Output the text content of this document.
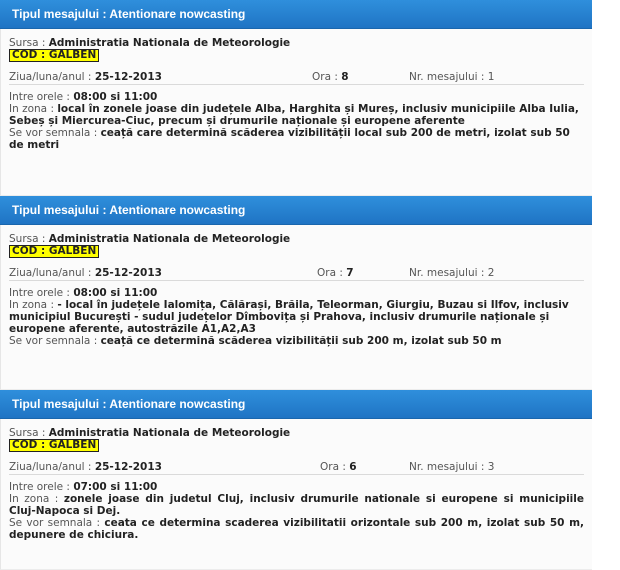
Tipul mesajului : Atentionare nowcasting
Sursa : Administratia Nationala de Meteorologie
COD : GALBEN
Ziua/luna/anul : 25-12-2013	Ora : 8	Nr. mesajului : 1
Intre orele : 08:00 si 11:00
In zona : local în zonele joase din județele Alba, Harghita și Mureș, inclusiv municipiile Alba Iulia, Sebeș și Miercurea-Ciuc, precum și drumurile naționale și europene aferente
Se vor semnala : ceață care determină scăderea vizibilității local sub 200 de metri, izolat sub 50 de metri
Tipul mesajului : Atentionare nowcasting
Sursa : Administratia Nationala de Meteorologie
COD : GALBEN
Ziua/luna/anul : 25-12-2013	Ora : 7	Nr. mesajului : 2
Intre orele : 08:00 si 11:00
In zona : - local în județele Ialomița, Călărași, Brăila, Teleorman, Giurgiu, Buzau si Ilfov, inclusiv municipiul București - sudul județelor Dîmbovița și Prahova, inclusiv drumurile naționale și europene aferente, autostrăzile A1,A2,A3
Se vor semnala : ceață ce determină scăderea vizibilității sub 200 m, izolat sub 50 m
Tipul mesajului : Atentionare nowcasting
Sursa : Administratia Nationala de Meteorologie
COD : GALBEN
Ziua/luna/anul : 25-12-2013	Ora : 6	Nr. mesajului : 3
Intre orele : 07:00 si 11:00
In zona : zonele joase din judetul Cluj, inclusiv drumurile nationale si europene si municipiile Cluj-Napoca si Dej.
Se vor semnala : ceata ce determina scaderea vizibilitatii orizontale sub 200 m, izolat sub 50 m, depunere de chiciura.
